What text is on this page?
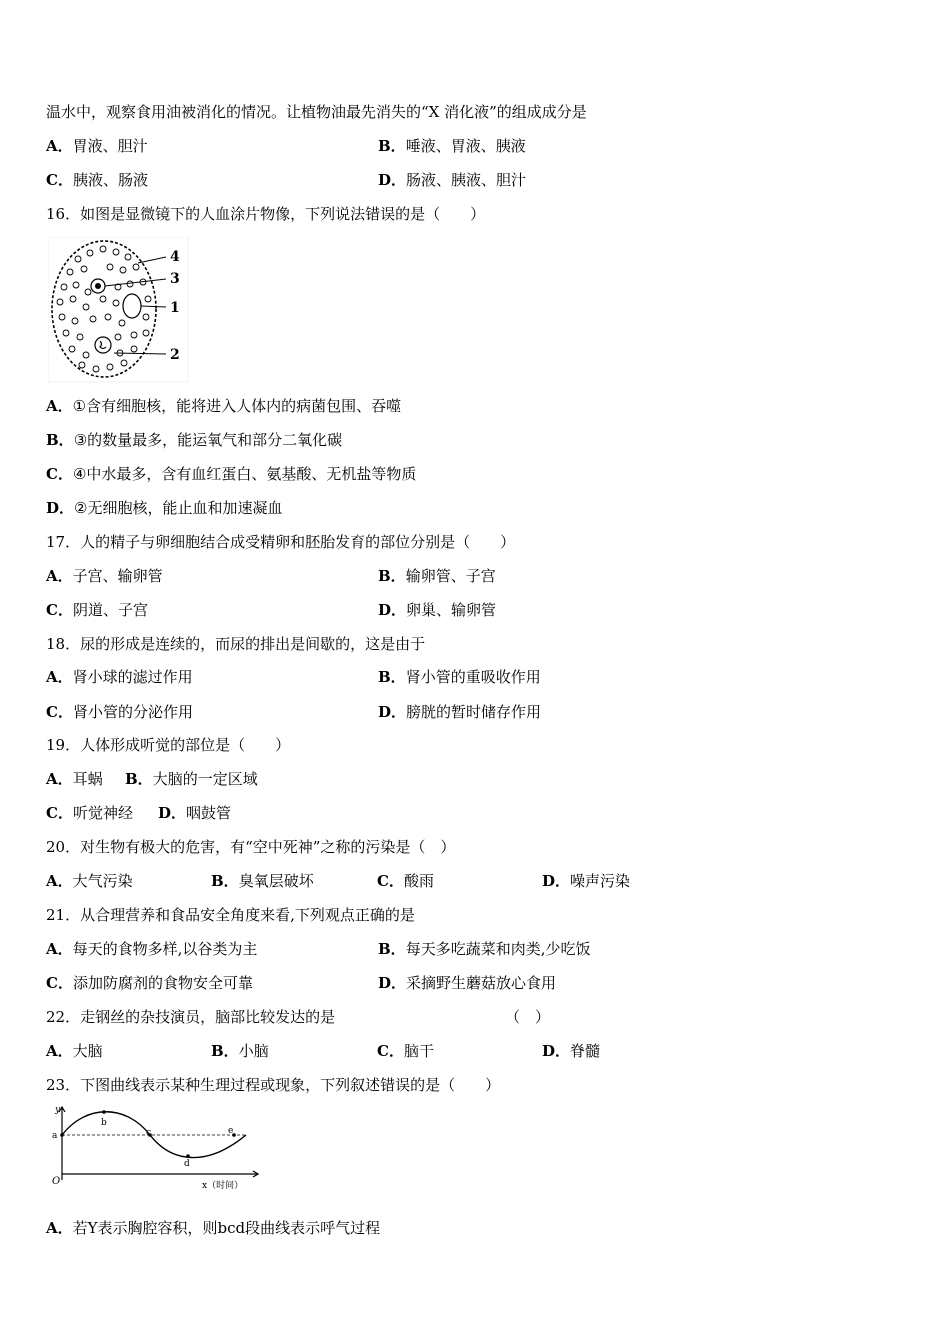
温水中，观察食用油被消化的情况。让植物油最先消失的“X 消化液”的组成成分是
A．胃液、胆汁	B．唾液、胃液、胰液
C．胰液、肠液	D．肠液、胰液、胆汁
16．如图是显微镜下的人血涂片物像，下列说法错误的是（　　）
4
3
1
2
A．①含有细胞核，能将进入人体内的病菌包围、吞噬
B．③的数量最多，能运氧气和部分二氧化碳
C．④中水最多，含有血红蛋白、氨基酸、无机盐等物质
D．②无细胞核，能止血和加速凝血
17．人的精子与卵细胞结合成受精卵和胚胎发育的部位分别是（　　）
A．子宫、输卵管	B．输卵管、子宫
C．阴道、子宫	D．卵巢、输卵管
18．尿的形成是连续的，而尿的排出是间歇的，这是由于
A．肾小球的滤过作用	B．肾小管的重吸收作用
C．肾小管的分泌作用	D．膀胱的暂时储存作用
19．人体形成听觉的部位是（　　）
A．耳蜗 B．大脑的一定区域
C．听觉神经 D．咽鼓管
20．对生物有极大的危害，有“空中死神”之称的污染是（　）
A．大气污染	B．臭氧层破坏	C．酸雨	D．噪声污染
21．从合理营养和食品安全角度来看,下列观点正确的是
A．每天的食物多样,以谷类为主	B．每天多吃蔬菜和肉类,少吃饭
C．添加防腐剂的食物安全可靠	D．采摘野生蘑菇放心食用
22．走钢丝的杂技演员，脑部比较发达的是	（　）
A．大脑	B．小脑	C．脑干	D．脊髓
23．下图曲线表示某种生理过程或现象，下列叙述错误的是（　　）
y
O	x（时间）
a
b
c
d
e
A．若Y表示胸腔容积，则bcd段曲线表示呼气过程
